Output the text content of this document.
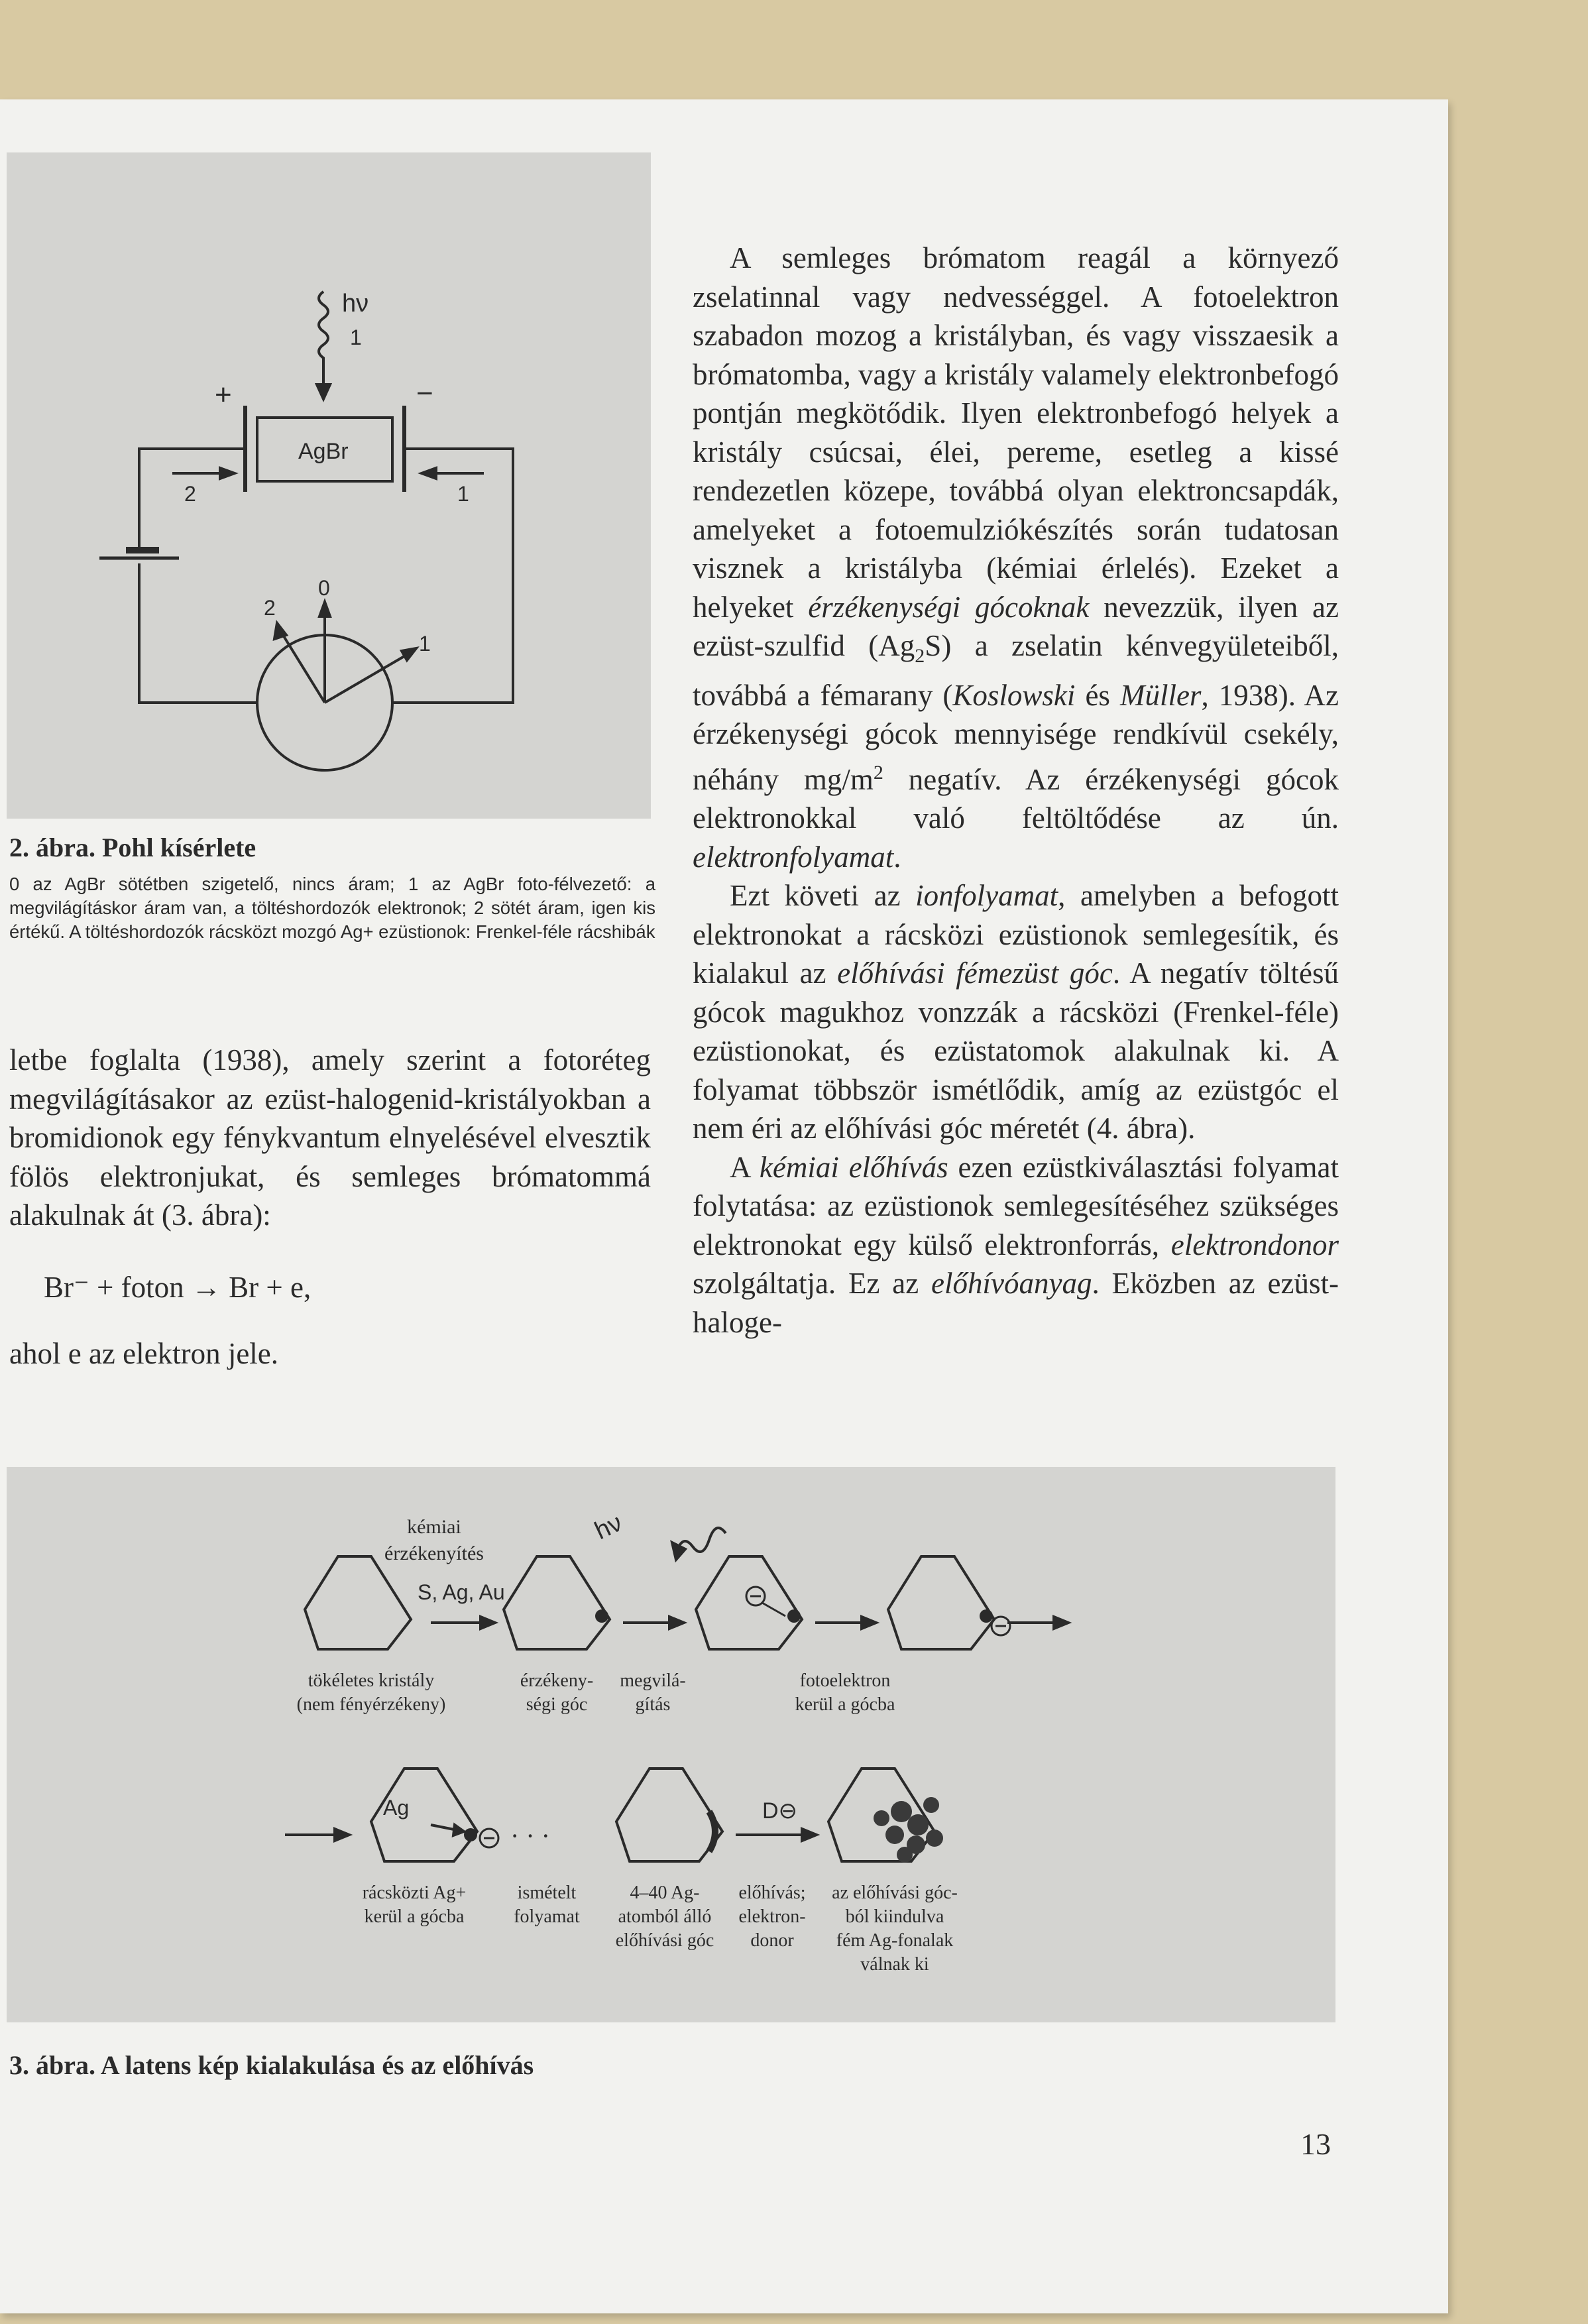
hν
1
+	−
AgBr
2	1
2
0
1
2. ábra. Pohl kísérlete
0 az AgBr sötétben szigetelő, nincs áram; 1 az AgBr foto-félvezető: a megvilágításkor áram van, a töltéshordozók elektronok; 2 sötét áram, igen kis értékű. A töltéshordozók rácsközt mozgó Ag+ ezüstionok: Frenkel-féle rácshibák

letbe foglalta (1938), amely szerint a fotoréteg megvilágításakor az ezüst-halogenid-kristályokban a bromidionok egy fénykvantum elnyelésével elvesztik fölös elektronjukat, és semleges brómatommá alakulnak át (3. ábra):

Br⁻ + foton → Br + e,

ahol e az elektron jele.

A semleges brómatom reagál a környező zselatinnal vagy nedvességgel. A fotoelektron szabadon mozog a kristályban, és vagy visszaesik a brómatomba, vagy a kristály valamely elektronbefogó pontján megkötődik. Ilyen elektronbefogó helyek a kristály csúcsai, élei, pereme, esetleg a kissé rendezetlen közepe, továbbá olyan elektroncsapdák, amelyeket a fotoemulziókészítés során tudatosan visznek a kristályba (kémiai érlelés). Ezeket a helyeket érzékenységi gócoknak nevezzük, ilyen az ezüst-szulfid $(Ag_2S)$ a zselatin kénvegyületeiből, továbbá a fémarany (Koslowski és Müller, 1938). Az érzékenységi gócok mennyisége rendkívül csekély, néhány $mg/m^2$ negatív. Az érzékenységi gócok elektronokkal való feltöltődése az ún. elektronfolyamat.

Ezt követi az ionfolyamat, amelyben a befogott elektronokat a rácsközi ezüstionok semlegesítik, és kialakul az előhívási fémezüst góc. A negatív töltésű gócok magukhoz vonzzák a rácsközi (Frenkel-féle) ezüstionokat, és ezüstatomok alakulnak ki. A folyamat többször ismétlődik, amíg az ezüstgóc el nem éri az előhívási góc méretét (4. ábra).

A kémiai előhívás ezen ezüstkiválasztási folyamat folytatása: az ezüstionok semlegesítéséhez szükséges elektronokat egy külső elektronforrás, elektrondonor szolgáltatja. Ez az előhívóanyag. Eközben az ezüst-haloge-

kémiai
érzékenyítés
S, Ag, Au
hν
· · ·
D⊖
Ag
tökéletes kristály
(nem fényérzékeny)
érzékeny-
ségi góc
megvilá-
gítás
fotoelektron
kerül a gócba
rácsközti Ag+
kerül a gócba
ismételt
folyamat
4–40 Ag-
atomból álló
előhívási góc
előhívás;
elektron-
donor
az előhívási góc-
ból kiindulva
fém Ag-fonalak
válnak ki
3. ábra. A latens kép kialakulása és az előhívás
13
